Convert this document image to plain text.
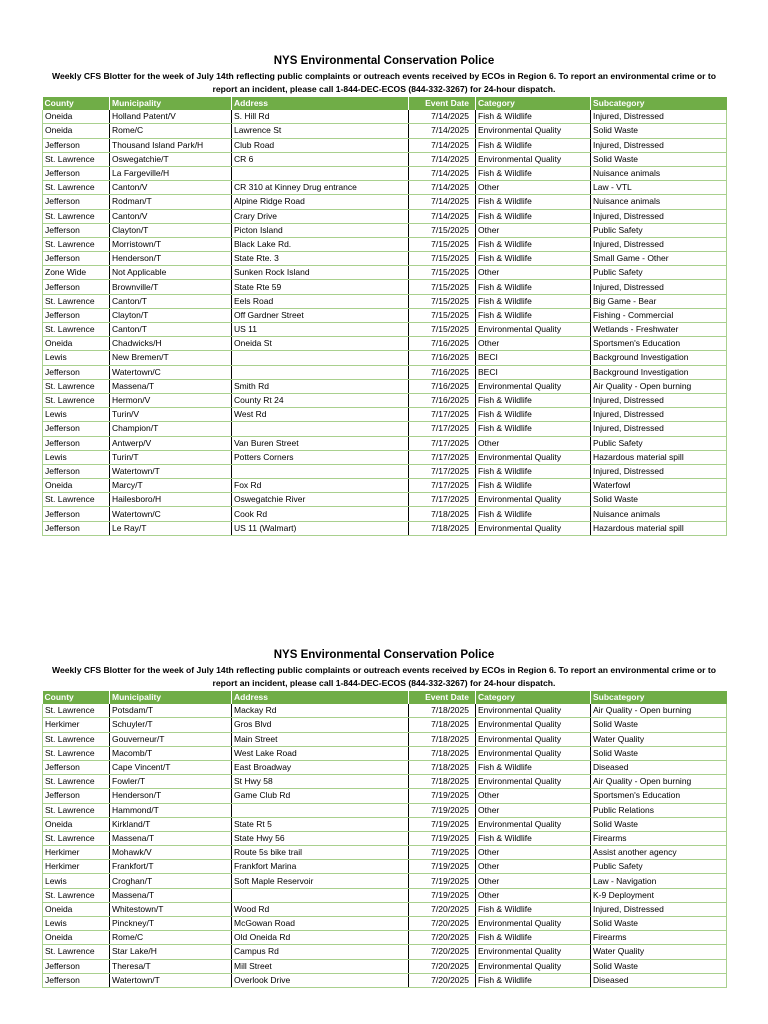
NYS Environmental Conservation Police
Weekly CFS Blotter for the week of July 14th reflecting public complaints or outreach events received by ECOs in Region 6. To report an environmental crime or to report an incident, please call 1-844-DEC-ECOS (844-332-3267) for 24-hour dispatch.
County	Municipality	Address	Event Date	Category	Subcategory
Oneida	Holland Patent/V	S. Hill Rd	7/14/2025	Fish & Wildlife	Injured, Distressed
Oneida	Rome/C	Lawrence St	7/14/2025	Environmental Quality	Solid Waste
Jefferson	Thousand Island Park/H	Club Road	7/14/2025	Fish & Wildlife	Injured, Distressed
St. Lawrence	Oswegatchie/T	CR 6	7/14/2025	Environmental Quality	Solid Waste
Jefferson	La Fargeville/H		7/14/2025	Fish & Wildlife	Nuisance animals
St. Lawrence	Canton/V	CR 310 at Kinney Drug entrance	7/14/2025	Other	Law - VTL
Jefferson	Rodman/T	Alpine Ridge Road	7/14/2025	Fish & Wildlife	Nuisance animals
St. Lawrence	Canton/V	Crary Drive	7/14/2025	Fish & Wildlife	Injured, Distressed
Jefferson	Clayton/T	Picton Island	7/15/2025	Other	Public Safety
St. Lawrence	Morristown/T	Black Lake Rd.	7/15/2025	Fish & Wildlife	Injured, Distressed
Jefferson	Henderson/T	State Rte. 3	7/15/2025	Fish & Wildlife	Small Game - Other
Zone Wide	Not Applicable	Sunken Rock Island	7/15/2025	Other	Public Safety
Jefferson	Brownville/T	State Rte 59	7/15/2025	Fish & Wildlife	Injured, Distressed
St. Lawrence	Canton/T	Eels Road	7/15/2025	Fish & Wildlife	Big Game - Bear
Jefferson	Clayton/T	Off Gardner Street	7/15/2025	Fish & Wildlife	Fishing - Commercial
St. Lawrence	Canton/T	US 11	7/15/2025	Environmental Quality	Wetlands - Freshwater
Oneida	Chadwicks/H	Oneida St	7/16/2025	Other	Sportsmen's Education
Lewis	New Bremen/T		7/16/2025	BECI	Background Investigation
Jefferson	Watertown/C		7/16/2025	BECI	Background Investigation
St. Lawrence	Massena/T	Smith Rd	7/16/2025	Environmental Quality	Air Quality - Open burning
St. Lawrence	Hermon/V	County Rt 24	7/16/2025	Fish & Wildlife	Injured, Distressed
Lewis	Turin/V	West Rd	7/17/2025	Fish & Wildlife	Injured, Distressed
Jefferson	Champion/T		7/17/2025	Fish & Wildlife	Injured, Distressed
Jefferson	Antwerp/V	Van Buren Street	7/17/2025	Other	Public Safety
Lewis	Turin/T	Potters Corners	7/17/2025	Environmental Quality	Hazardous material spill
Jefferson	Watertown/T		7/17/2025	Fish & Wildlife	Injured, Distressed
Oneida	Marcy/T	Fox Rd	7/17/2025	Fish & Wildlife	Waterfowl
St. Lawrence	Hailesboro/H	Oswegatchie River	7/17/2025	Environmental Quality	Solid Waste
Jefferson	Watertown/C	Cook Rd	7/18/2025	Fish & Wildlife	Nuisance animals
Jefferson	Le Ray/T	US 11 (Walmart)	7/18/2025	Environmental Quality	Hazardous material spill
NYS Environmental Conservation Police
Weekly CFS Blotter for the week of July 14th reflecting public complaints or outreach events received by ECOs in Region 6. To report an environmental crime or to report an incident, please call 1-844-DEC-ECOS (844-332-3267) for 24-hour dispatch.
County	Municipality	Address	Event Date	Category	Subcategory
St. Lawrence	Potsdam/T	Mackay Rd	7/18/2025	Environmental Quality	Air Quality - Open burning
Herkimer	Schuyler/T	Gros Blvd	7/18/2025	Environmental Quality	Solid Waste
St. Lawrence	Gouverneur/T	Main Street	7/18/2025	Environmental Quality	Water Quality
St. Lawrence	Macomb/T	West Lake Road	7/18/2025	Environmental Quality	Solid Waste
Jefferson	Cape Vincent/T	East Broadway	7/18/2025	Fish & Wildlife	Diseased
St. Lawrence	Fowler/T	St Hwy 58	7/18/2025	Environmental Quality	Air Quality - Open burning
Jefferson	Henderson/T	Game Club Rd	7/19/2025	Other	Sportsmen's Education
St. Lawrence	Hammond/T		7/19/2025	Other	Public Relations
Oneida	Kirkland/T	State Rt 5	7/19/2025	Environmental Quality	Solid Waste
St. Lawrence	Massena/T	State Hwy 56	7/19/2025	Fish & Wildlife	Firearms
Herkimer	Mohawk/V	Route 5s bike trail	7/19/2025	Other	Assist another agency
Herkimer	Frankfort/T	Frankfort Marina	7/19/2025	Other	Public Safety
Lewis	Croghan/T	Soft Maple Reservoir	7/19/2025	Other	Law - Navigation
St. Lawrence	Massena/T		7/19/2025	Other	K-9 Deployment
Oneida	Whitestown/T	Wood Rd	7/20/2025	Fish & Wildlife	Injured, Distressed
Lewis	Pinckney/T	McGowan Road	7/20/2025	Environmental Quality	Solid Waste
Oneida	Rome/C	Old Oneida Rd	7/20/2025	Fish & Wildlife	Firearms
St. Lawrence	Star Lake/H	Campus Rd	7/20/2025	Environmental Quality	Water Quality
Jefferson	Theresa/T	Mill Street	7/20/2025	Environmental Quality	Solid Waste
Jefferson	Watertown/T	Overlook Drive	7/20/2025	Fish & Wildlife	Diseased
